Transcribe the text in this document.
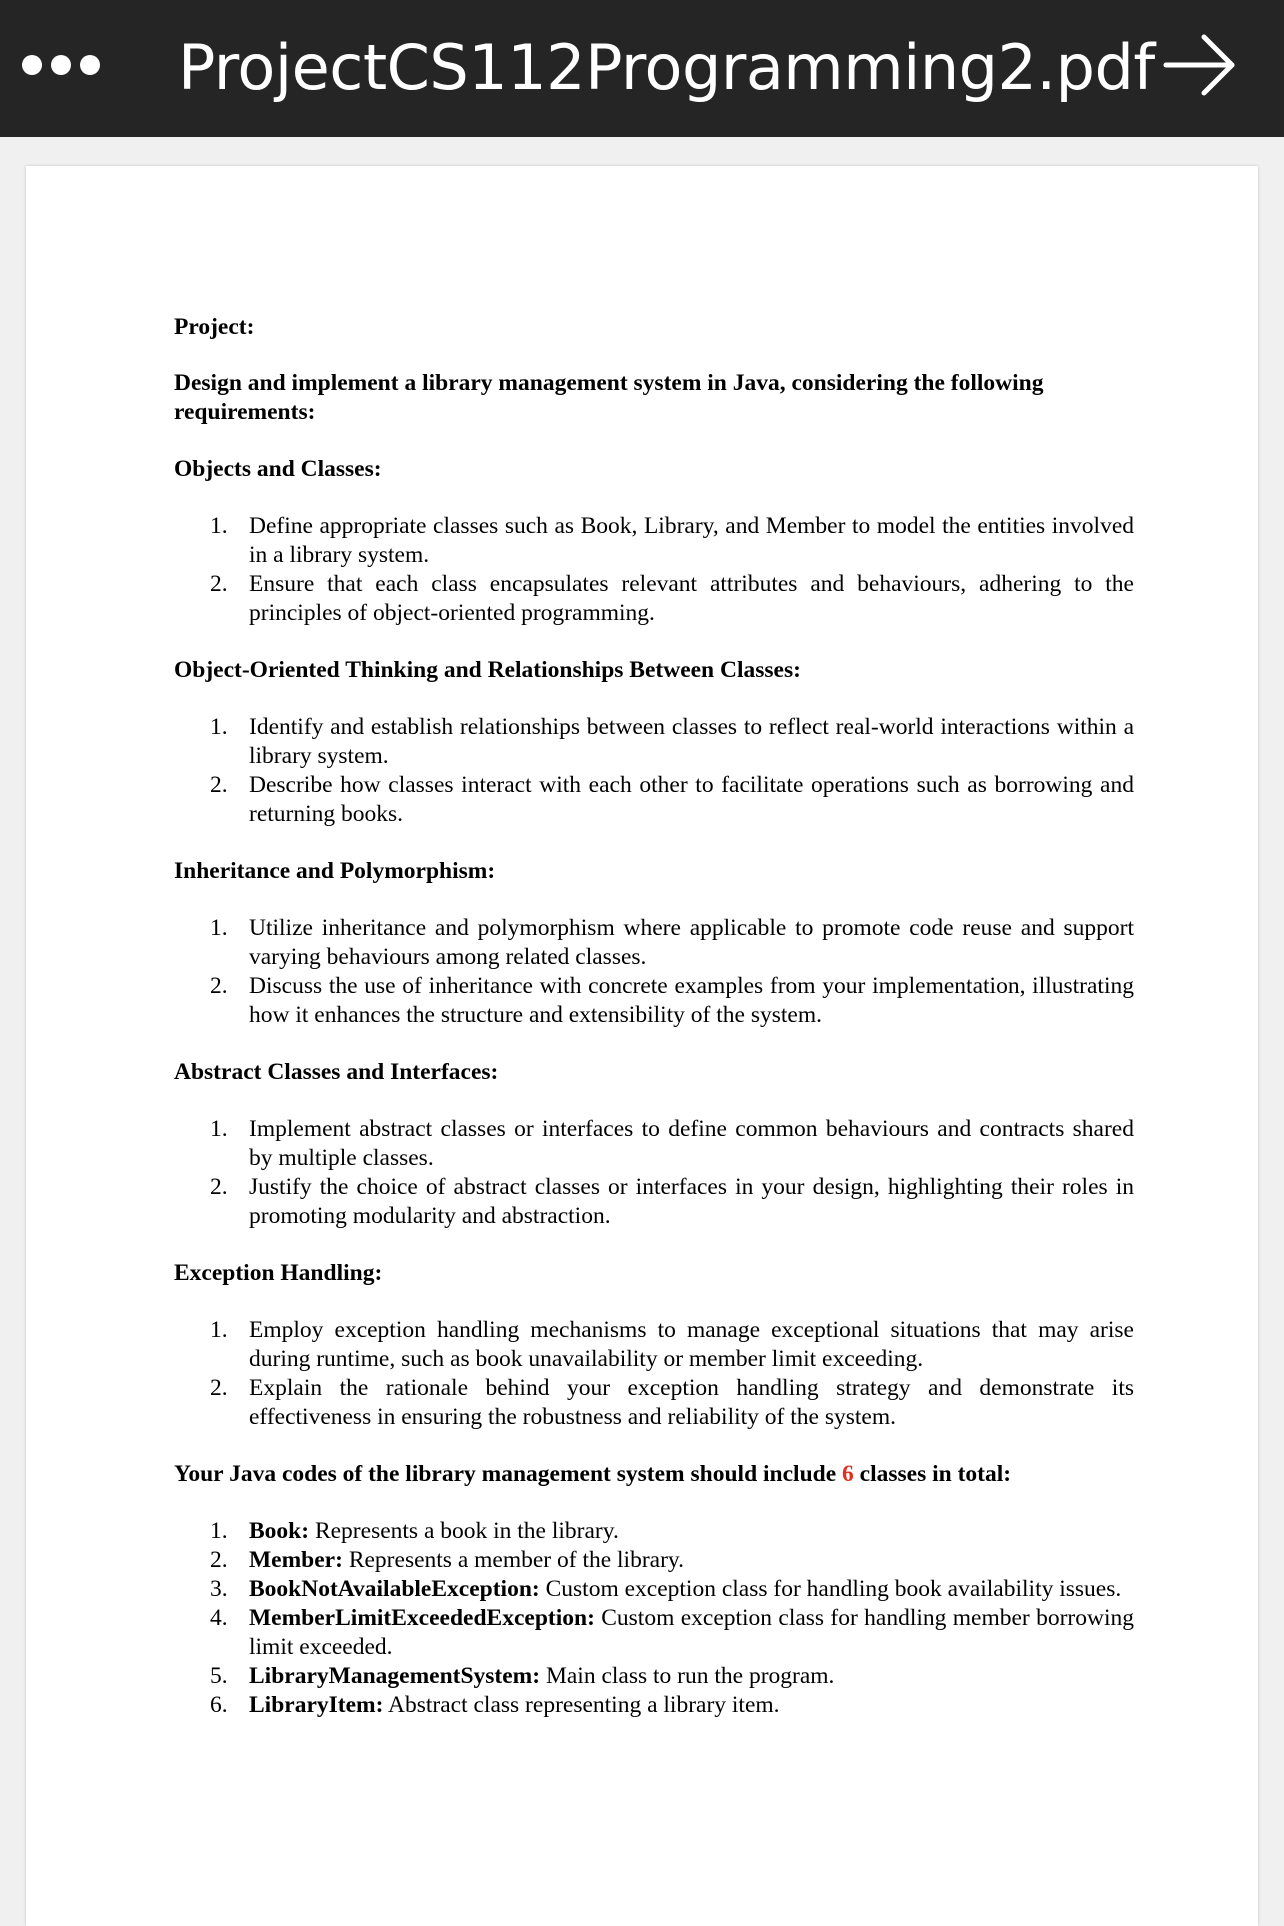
ProjectCS112Programming2.pdf

Project:

Design and implement a library management system in Java, considering the following requirements:

Objects and Classes:

1. Define appropriate classes such as Book, Library, and Member to model the entities involved in a library system.
2. Ensure that each class encapsulates relevant attributes and behaviours, adhering to the principles of object-oriented programming.

Object-Oriented Thinking and Relationships Between Classes:

1. Identify and establish relationships between classes to reflect real-world interactions within a library system.
2. Describe how classes interact with each other to facilitate operations such as borrowing and returning books.

Inheritance and Polymorphism:

1. Utilize inheritance and polymorphism where applicable to promote code reuse and support varying behaviours among related classes.
2. Discuss the use of inheritance with concrete examples from your implementation, illustrating how it enhances the structure and extensibility of the system.

Abstract Classes and Interfaces:

1. Implement abstract classes or interfaces to define common behaviours and contracts shared by multiple classes.
2. Justify the choice of abstract classes or interfaces in your design, highlighting their roles in promoting modularity and abstraction.

Exception Handling:

1. Employ exception handling mechanisms to manage exceptional situations that may arise during runtime, such as book unavailability or member limit exceeding.
2. Explain the rationale behind your exception handling strategy and demonstrate its effectiveness in ensuring the robustness and reliability of the system.

Your Java codes of the library management system should include 6 classes in total:

1. Book: Represents a book in the library.
2. Member: Represents a member of the library.
3. BookNotAvailableException: Custom exception class for handling book availability issues.
4. MemberLimitExceededException: Custom exception class for handling member borrowing limit exceeded.
5. LibraryManagementSystem: Main class to run the program.
6. LibraryItem: Abstract class representing a library item.
